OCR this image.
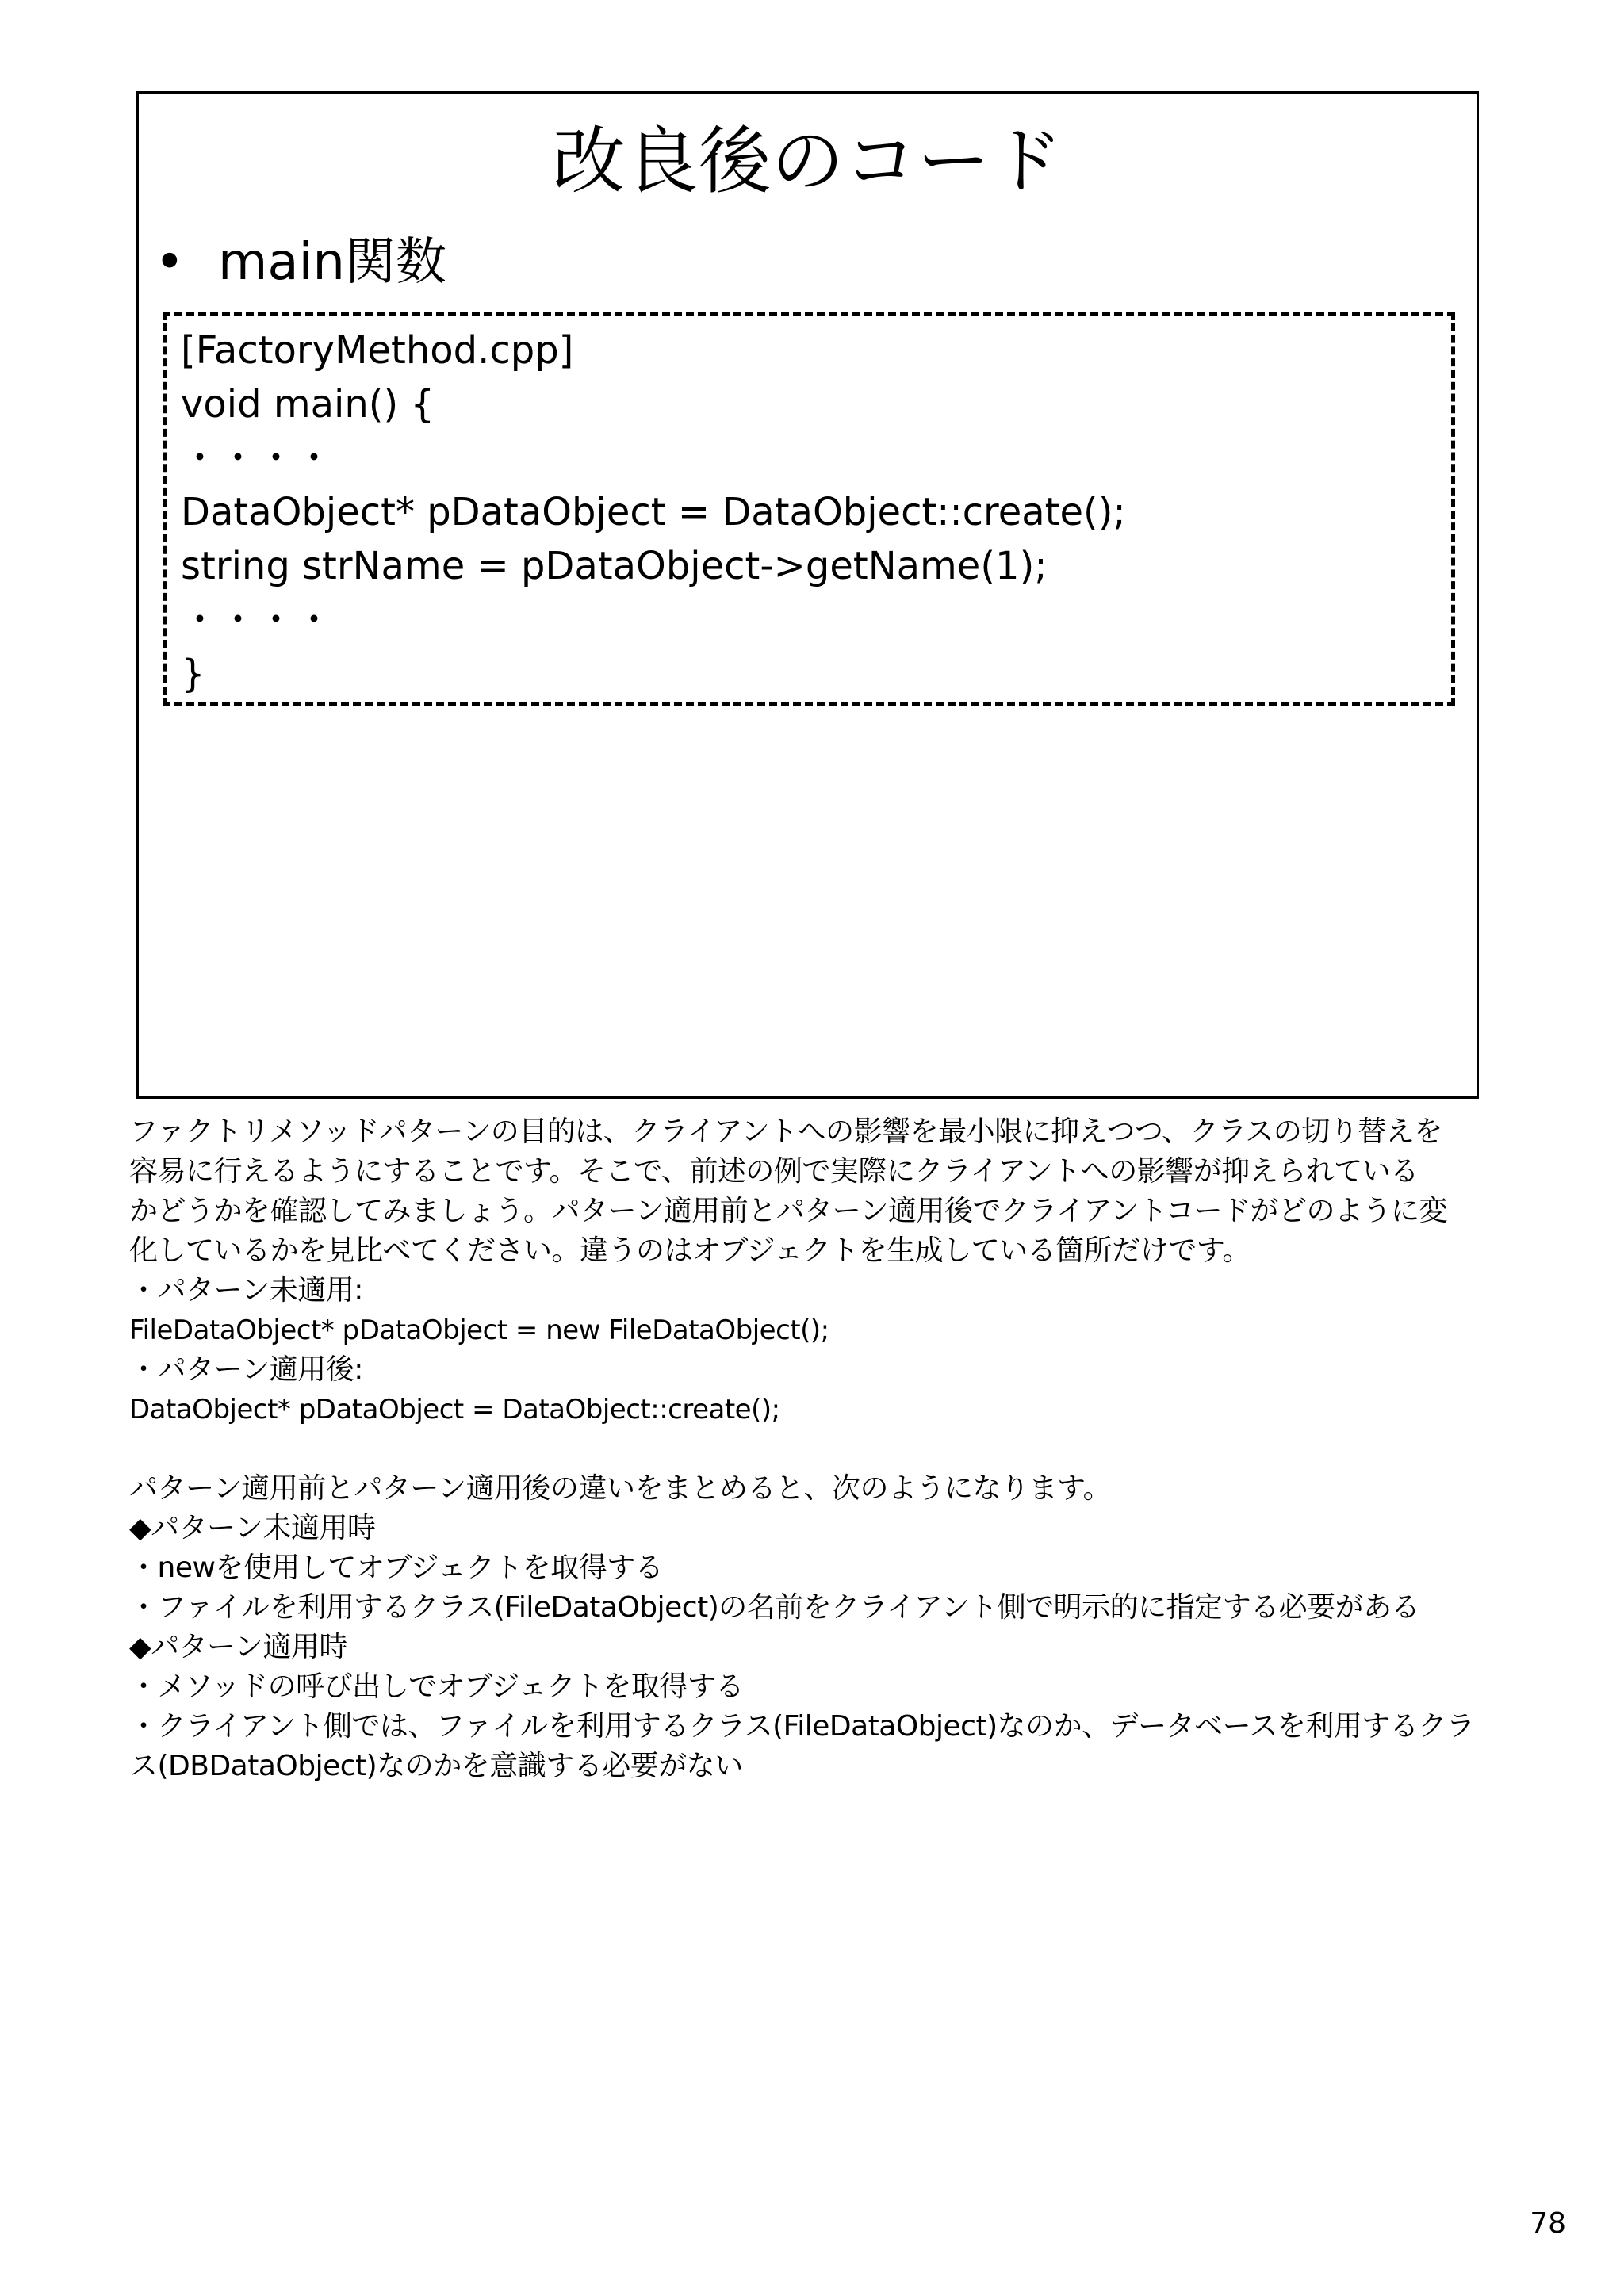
改良後のコード
• main関数
[FactoryMethod.cpp]
void main() {
・・・・
DataObject* pDataObject = DataObject::create();
string strName = pDataObject->getName(1);
・・・・
}
ファクトリメソッドパターンの目的は、クライアントへの影響を最小限に抑えつつ、クラスの切り替えを
容易に行えるようにすることです。そこで、前述の例で実際にクライアントへの影響が抑えられている
かどうかを確認してみましょう。パターン適用前とパターン適用後でクライアントコードがどのように変
化しているかを見比べてください。違うのはオブジェクトを生成している箇所だけです。
・パターン未適用:
FileDataObject* pDataObject = new FileDataObject();
・パターン適用後:
DataObject* pDataObject = DataObject::create();
パターン適用前とパターン適用後の違いをまとめると、次のようになります。
◆パターン未適用時
・newを使用してオブジェクトを取得する
・ファイルを利用するクラス(FileDataObject)の名前をクライアント側で明示的に指定する必要がある
◆パターン適用時
・メソッドの呼び出しでオブジェクトを取得する
・クライアント側では、ファイルを利用するクラス(FileDataObject)なのか、データベースを利用するクラ
ス(DBDataObject)なのかを意識する必要がない
78
